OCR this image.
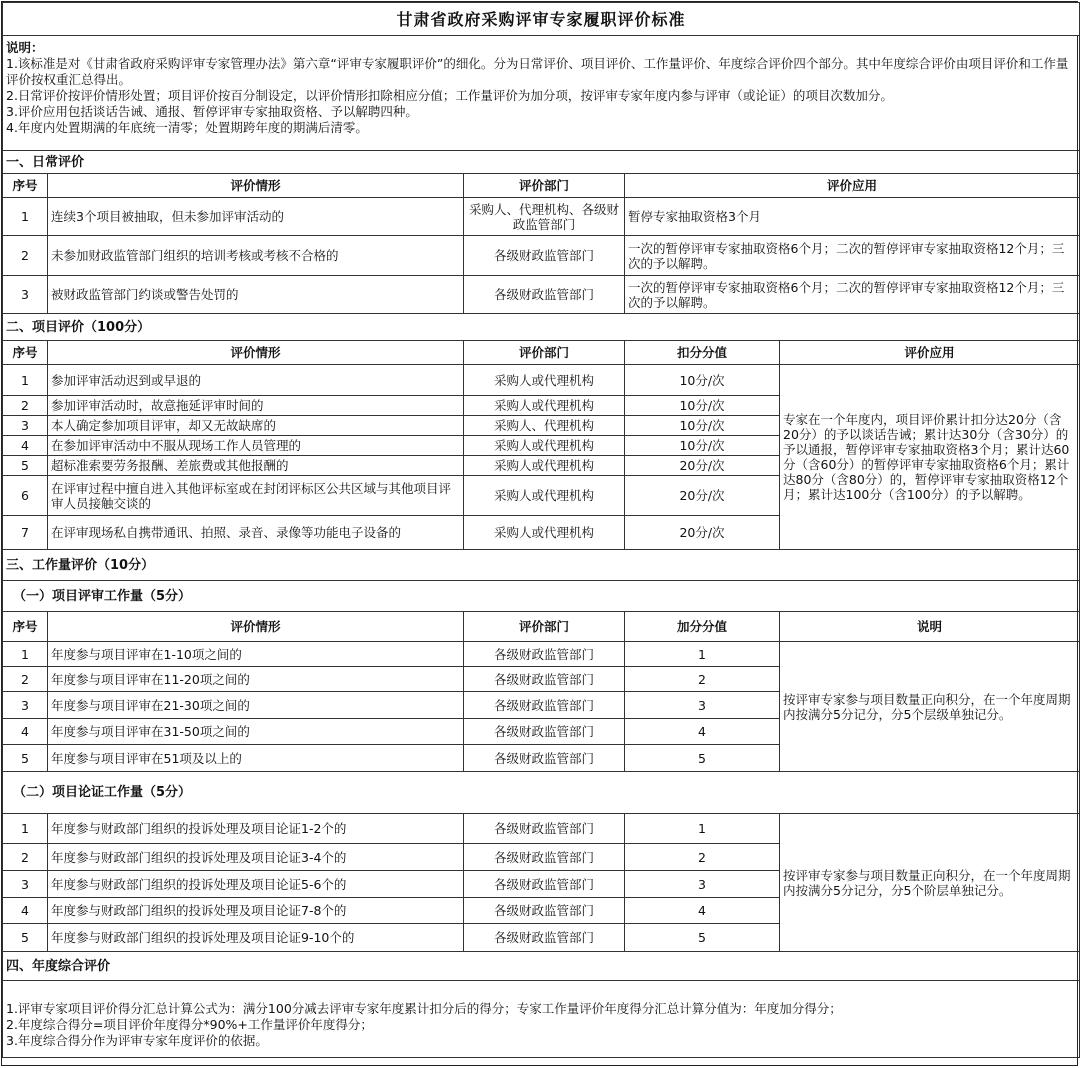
甘肃省政府采购评审专家履职评价标准				

说明：
1.该标准是对《甘肃省政府采购评审专家管理办法》第六章“评审专家履职评价”的细化。分为日常评价、项目评价、工作量评价、年度综合评价四个部分。其中年度综合评价由项目评价和工作量评价按权重汇总得出。
2.日常评价按评价情形处置；项目评价按百分制设定，以评价情形扣除相应分值；工作量评价为加分项，按评审专家年度内参与评审（或论证）的项目次数加分。
3.评价应用包括谈话告诫、通报、暂停评审专家抽取资格、予以解聘四种。
4.年度内处置期满的年底统一清零；处置期跨年度的期满后清零。				

一、日常评价				
序号	评价情形	评价部门	评价应用	
1	连续3个项目被抽取，但未参加评审活动的	采购人、代理机构、各级财政监管部门	暂停专家抽取资格3个月	
2	未参加财政监管部门组织的培训考核或考核不合格的	各级财政监管部门	一次的暂停评审专家抽取资格6个月；二次的暂停评审专家抽取资格12个月；三次的予以解聘。	
3	被财政监管部门约谈或警告处罚的	各级财政监管部门	一次的暂停评审专家抽取资格6个月；二次的暂停评审专家抽取资格12个月；三次的予以解聘。	
二、项目评价（100分）				
序号	评价情形	评价部门	扣分分值	评价应用
1	参加评审活动迟到或早退的	采购人或代理机构	10分/次	专家在一个年度内，项目评价累计扣分达20分（含20分）的予以谈话告诫；累计达30分（含30分）的予以通报，暂停评审专家抽取资格3个月；累计达60分（含60分）的暂停评审专家抽取资格6个月；累计达80分（含80分）的，暂停评审专家抽取资格12个月；累计达100分（含100分）的予以解聘。
2	参加评审活动时，故意拖延评审时间的	采购人或代理机构	10分/次	
3	本人确定参加项目评审，却又无故缺席的	采购人、代理机构	10分/次	
4	在参加评审活动中不服从现场工作人员管理的	采购人或代理机构	10分/次	
5	超标准索要劳务报酬、差旅费或其他报酬的	采购人或代理机构	20分/次	
6	在评审过程中擅自进入其他评标室或在封闭评标区公共区域与其他项目评审人员接触交谈的	采购人或代理机构	20分/次	
7	在评审现场私自携带通讯、拍照、录音、录像等功能电子设备的	采购人或代理机构	20分/次	
三、工作量评价（10分）				
（一）项目评审工作量（5分）				
序号	评价情形	评价部门	加分分值	说明
1	年度参与项目评审在1-10项之间的	各级财政监管部门	1	按评审专家参与项目数量正向积分，在一个年度周期内按满分5分记分，分5个层级单独记分。
2	年度参与项目评审在11-20项之间的	各级财政监管部门	2	
3	年度参与项目评审在21-30项之间的	各级财政监管部门	3	
4	年度参与项目评审在31-50项之间的	各级财政监管部门	4	
5	年度参与项目评审在51项及以上的	各级财政监管部门	5	
（二）项目论证工作量（5分）				
1	年度参与财政部门组织的投诉处理及项目论证1-2个的	各级财政监管部门	1	按评审专家参与项目数量正向积分，在一个年度周期内按满分5分记分，分5个阶层单独记分。
2	年度参与财政部门组织的投诉处理及项目论证3-4个的	各级财政监管部门	2	
3	年度参与财政部门组织的投诉处理及项目论证5-6个的	各级财政监管部门	3	
4	年度参与财政部门组织的投诉处理及项目论证7-8个的	各级财政监管部门	4	
5	年度参与财政部门组织的投诉处理及项目论证9-10个的	各级财政监管部门	5	
四、年度综合评价				

1.评审专家项目评价得分汇总计算公式为：满分100分减去评审专家年度累计扣分后的得分；专家工作量评价年度得分汇总计算分值为：年度加分得分；
2.年度综合得分=项目评价年度得分*90%+工作量评价年度得分；
3.年度综合得分作为评审专家年度评价的依据。				
